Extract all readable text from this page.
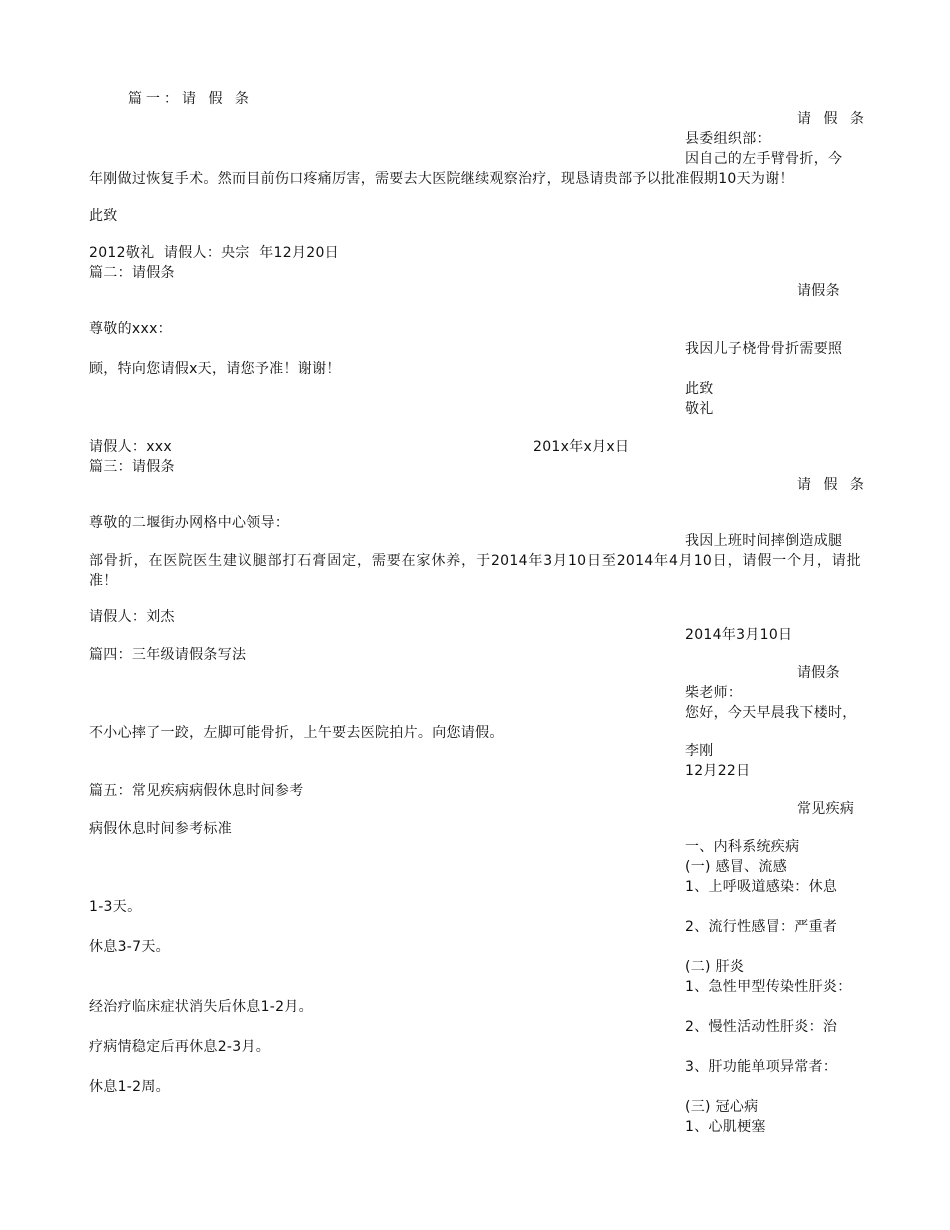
篇一：请 假 条
请 假 条
县委组织部：
因自己的左手臂骨折，今
年刚做过恢复手术。然而目前伤口疼痛厉害，需要去大医院继续观察治疗，现恳请贵部予以批准假期10天为谢！
此致
2012敬礼  请假人：央宗  年12月20日
篇二：请假条
请假条
尊敬的xxx：
我因儿子桡骨骨折需要照
顾，特向您请假x天，请您予准！谢谢！
此致
敬礼
请假人：xxx	201x年x月x日
篇三：请假条
请 假 条
尊敬的二堰街办网格中心领导：
我因上班时间摔倒造成腿
部骨折，在医院医生建议腿部打石膏固定，需要在家休养，于2014年3月10日至2014年4月10日，请假一个月，请批准！
请假人：刘杰
2014年3月10日
篇四：三年级请假条写法
请假条
柴老师：
您好，今天早晨我下楼时，
不小心摔了一跤，左脚可能骨折，上午要去医院拍片。向您请假。
李刚
12月22日
篇五：常见疾病病假休息时间参考
常见疾病
病假休息时间参考标准
一、内科系统疾病
(一) 感冒、流感
1、上呼吸道感染：休息
1-3天。
2、流行性感冒：严重者
休息3-7天。
(二) 肝炎
1、急性甲型传染性肝炎：
经治疗临床症状消失后休息1-2月。
2、慢性活动性肝炎：治
疗病情稳定后再休息2-3月。
3、肝功能单项异常者：
休息1-2周。
(三) 冠心病
1、心肌梗塞
